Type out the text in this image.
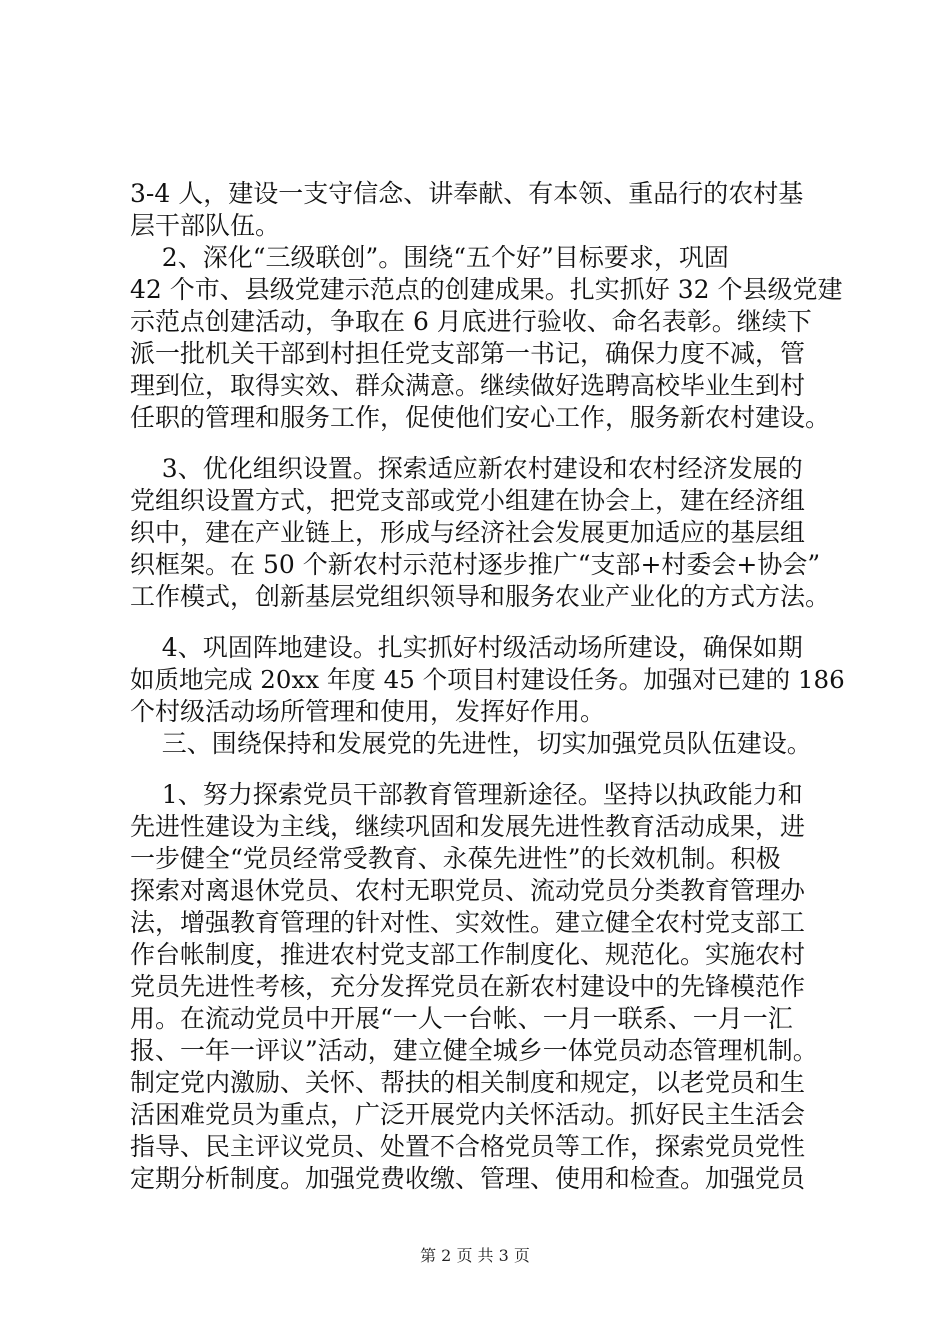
3-4 人，建设一支守信念、讲奉献、有本领、重品行的农村基
层干部队伍。
2、深化“三级联创”。围绕“五个好”目标要求，巩固
42 个市、县级党建示范点的创建成果。扎实抓好 32 个县级党建
示范点创建活动，争取在 6 月底进行验收、命名表彰。继续下
派一批机关干部到村担任党支部第一书记，确保力度不减，管
理到位，取得实效、群众满意。继续做好选聘高校毕业生到村
任职的管理和服务工作，促使他们安心工作，服务新农村建设。
3、优化组织设置。探索适应新农村建设和农村经济发展的
党组织设置方式，把党支部或党小组建在协会上，建在经济组
织中，建在产业链上，形成与经济社会发展更加适应的基层组
织框架。在 50 个新农村示范村逐步推广“支部+村委会+协会”
工作模式，创新基层党组织领导和服务农业产业化的方式方法。
4、巩固阵地建设。扎实抓好村级活动场所建设，确保如期
如质地完成 20xx 年度 45 个项目村建设任务。加强对已建的 186
个村级活动场所管理和使用，发挥好作用。
三、围绕保持和发展党的先进性，切实加强党员队伍建设。
1、努力探索党员干部教育管理新途径。坚持以执政能力和
先进性建设为主线，继续巩固和发展先进性教育活动成果，进
一步健全“党员经常受教育、永葆先进性”的长效机制。积极
探索对离退休党员、农村无职党员、流动党员分类教育管理办
法，增强教育管理的针对性、实效性。建立健全农村党支部工
作台帐制度，推进农村党支部工作制度化、规范化。实施农村
党员先进性考核，充分发挥党员在新农村建设中的先锋模范作
用。在流动党员中开展“一人一台帐、一月一联系、一月一汇
报、一年一评议”活动，建立健全城乡一体党员动态管理机制。
制定党内激励、关怀、帮扶的相关制度和规定，以老党员和生
活困难党员为重点，广泛开展党内关怀活动。抓好民主生活会
指导、民主评议党员、处置不合格党员等工作，探索党员党性
定期分析制度。加强党费收缴、管理、使用和检查。加强党员
第 2 页 共 3 页
